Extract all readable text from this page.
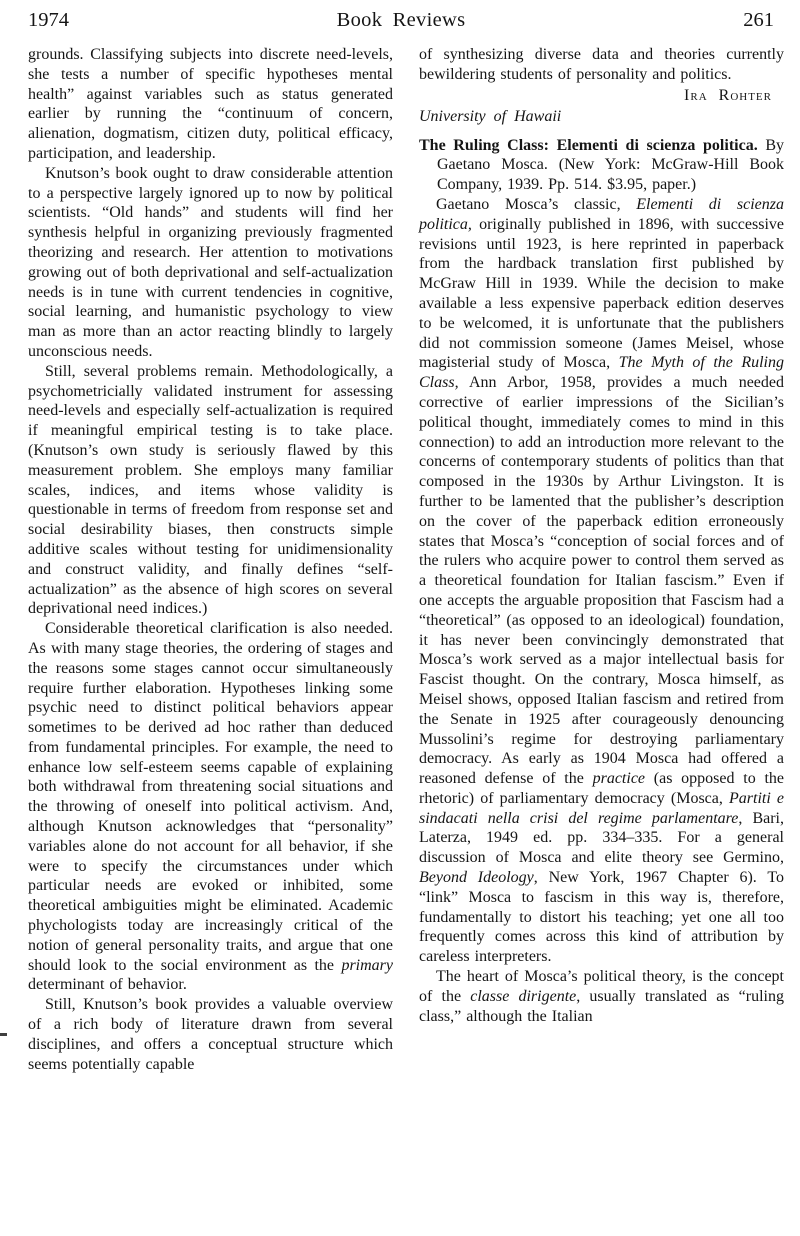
1974	Book Reviews	261

grounds. Classifying subjects into discrete need-levels, she tests a number of specific hypotheses mental health” against variables such as status generated earlier by running the “continuum of concern, alienation, dogmatism, citizen duty, political efficacy, participation, and leadership.

Knutson’s book ought to draw considerable attention to a perspective largely ignored up to now by political scientists. “Old hands” and students will find her synthesis helpful in organizing previously fragmented theorizing and research. Her attention to motivations growing out of both deprivational and self-actualization needs is in tune with current tendencies in cognitive, social learning, and humanistic psychology to view man as more than an actor reacting blindly to largely unconscious needs.

Still, several problems remain. Methodologically, a psychometricially validated instrument for assessing need-levels and especially self-actualization is required if meaningful empirical testing is to take place. (Knutson’s own study is seriously flawed by this measurement problem. She employs many familiar scales, indices, and items whose validity is questionable in terms of freedom from response set and social desirability biases, then constructs simple additive scales without testing for unidimensionality and construct validity, and finally defines “self-actualization” as the absence of high scores on several deprivational need indices.)

Considerable theoretical clarification is also needed. As with many stage theories, the ordering of stages and the reasons some stages cannot occur simultaneously require further elaboration. Hypotheses linking some psychic need to distinct political behaviors appear sometimes to be derived ad hoc rather than deduced from fundamental principles. For example, the need to enhance low self-esteem seems capable of explaining both withdrawal from threatening social situations and the throwing of oneself into political activism. And, although Knutson acknowledges that “personality” variables alone do not account for all behavior, if she were to specify the circumstances under which particular needs are evoked or inhibited, some theoretical ambiguities might be eliminated. Academic phychologists today are increasingly critical of the notion of general personality traits, and argue that one should look to the social environment as the primary determinant of behavior.

Still, Knutson’s book provides a valuable overview of a rich body of literature drawn from several disciplines, and offers a conceptual structure which seems potentially capable

of synthesizing diverse data and theories currently bewildering students of personality and politics.

Ira Rohter
University of Hawaii

The Ruling Class: Elementi di scienza politica. By Gaetano Mosca. (New York: McGraw-Hill Book Company, 1939. Pp. 514. $3.95, paper.)

Gaetano Mosca’s classic, Elementi di scienza politica, originally published in 1896, with successive revisions until 1923, is here reprinted in paperback from the hardback translation first published by McGraw Hill in 1939. While the decision to make available a less expensive paperback edition deserves to be welcomed, it is unfortunate that the publishers did not commission someone (James Meisel, whose magisterial study of Mosca, The Myth of the Ruling Class, Ann Arbor, 1958, provides a much needed corrective of earlier impressions of the Sicilian’s political thought, immediately comes to mind in this connection) to add an introduction more relevant to the concerns of contemporary students of politics than that composed in the 1930s by Arthur Livingston. It is further to be lamented that the publisher’s description on the cover of the paperback edition erroneously states that Mosca’s “conception of social forces and of the rulers who acquire power to control them served as a theoretical foundation for Italian fascism.” Even if one accepts the arguable proposition that Fascism had a “theoretical” (as opposed to an ideological) foundation, it has never been convincingly demonstrated that Mosca’s work served as a major intellectual basis for Fascist thought. On the contrary, Mosca himself, as Meisel shows, opposed Italian fascism and retired from the Senate in 1925 after courageously denouncing Mussolini’s regime for destroying parliamentary democracy. As early as 1904 Mosca had offered a reasoned defense of the practice (as opposed to the rhetoric) of parliamentary democracy (Mosca, Partiti e sindacati nella crisi del regime parlamentare, Bari, Laterza, 1949 ed. pp. 334–335. For a general discussion of Mosca and elite theory see Germino, Beyond Ideology, New York, 1967 Chapter 6). To “link” Mosca to fascism in this way is, therefore, fundamentally to distort his teaching; yet one all too frequently comes across this kind of attribution by careless interpreters.

The heart of Mosca’s political theory, is the concept of the classe dirigente, usually translated as “ruling class,” although the Italian
